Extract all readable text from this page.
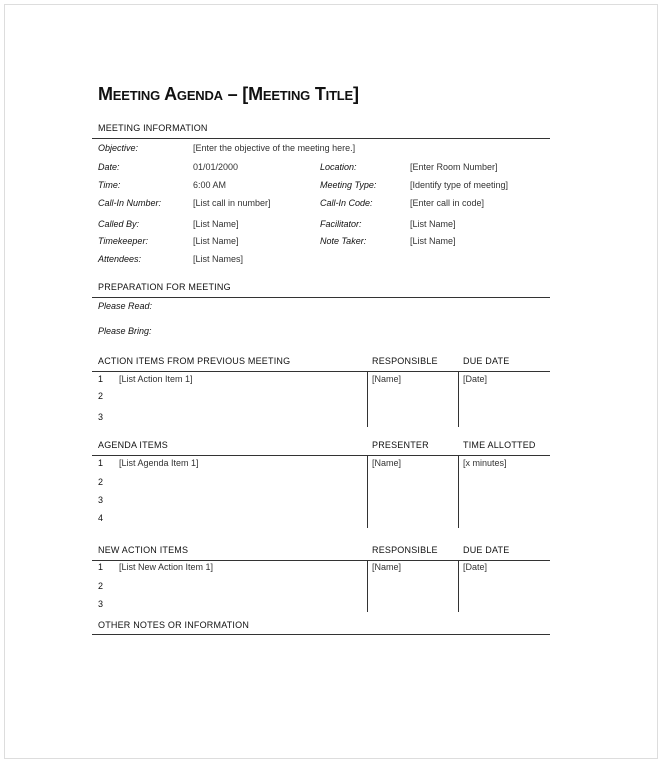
Meeting Agenda – [Meeting Title]
MEETING INFORMATION
Objective:	[Enter the objective of the meeting here.]
Date:	01/01/2000	Location:	[Enter Room Number]
Time:	6:00 AM	Meeting Type:	[Identify type of meeting]
Call-In Number:	[List call in number]	Call-In Code:	[Enter call in code]
Called By:	[List Name]	Facilitator:	[List Name]
Timekeeper:	[List Name]	Note Taker:	[List Name]
Attendees:	[List Names]
PREPARATION FOR MEETING
Please Read:
Please Bring:
ACTION ITEMS FROM PREVIOUS MEETING	RESPONSIBLE	DUE DATE
1 [List Action Item 1]	[Name]	[Date]
2
3
AGENDA ITEMS	PRESENTER	TIME ALLOTTED
1 [List Agenda Item 1]	[Name]	[x minutes]
2
3
4
NEW ACTION ITEMS	RESPONSIBLE	DUE DATE
1 [List New Action Item 1]	[Name]	[Date]
2
3
OTHER NOTES OR INFORMATION
